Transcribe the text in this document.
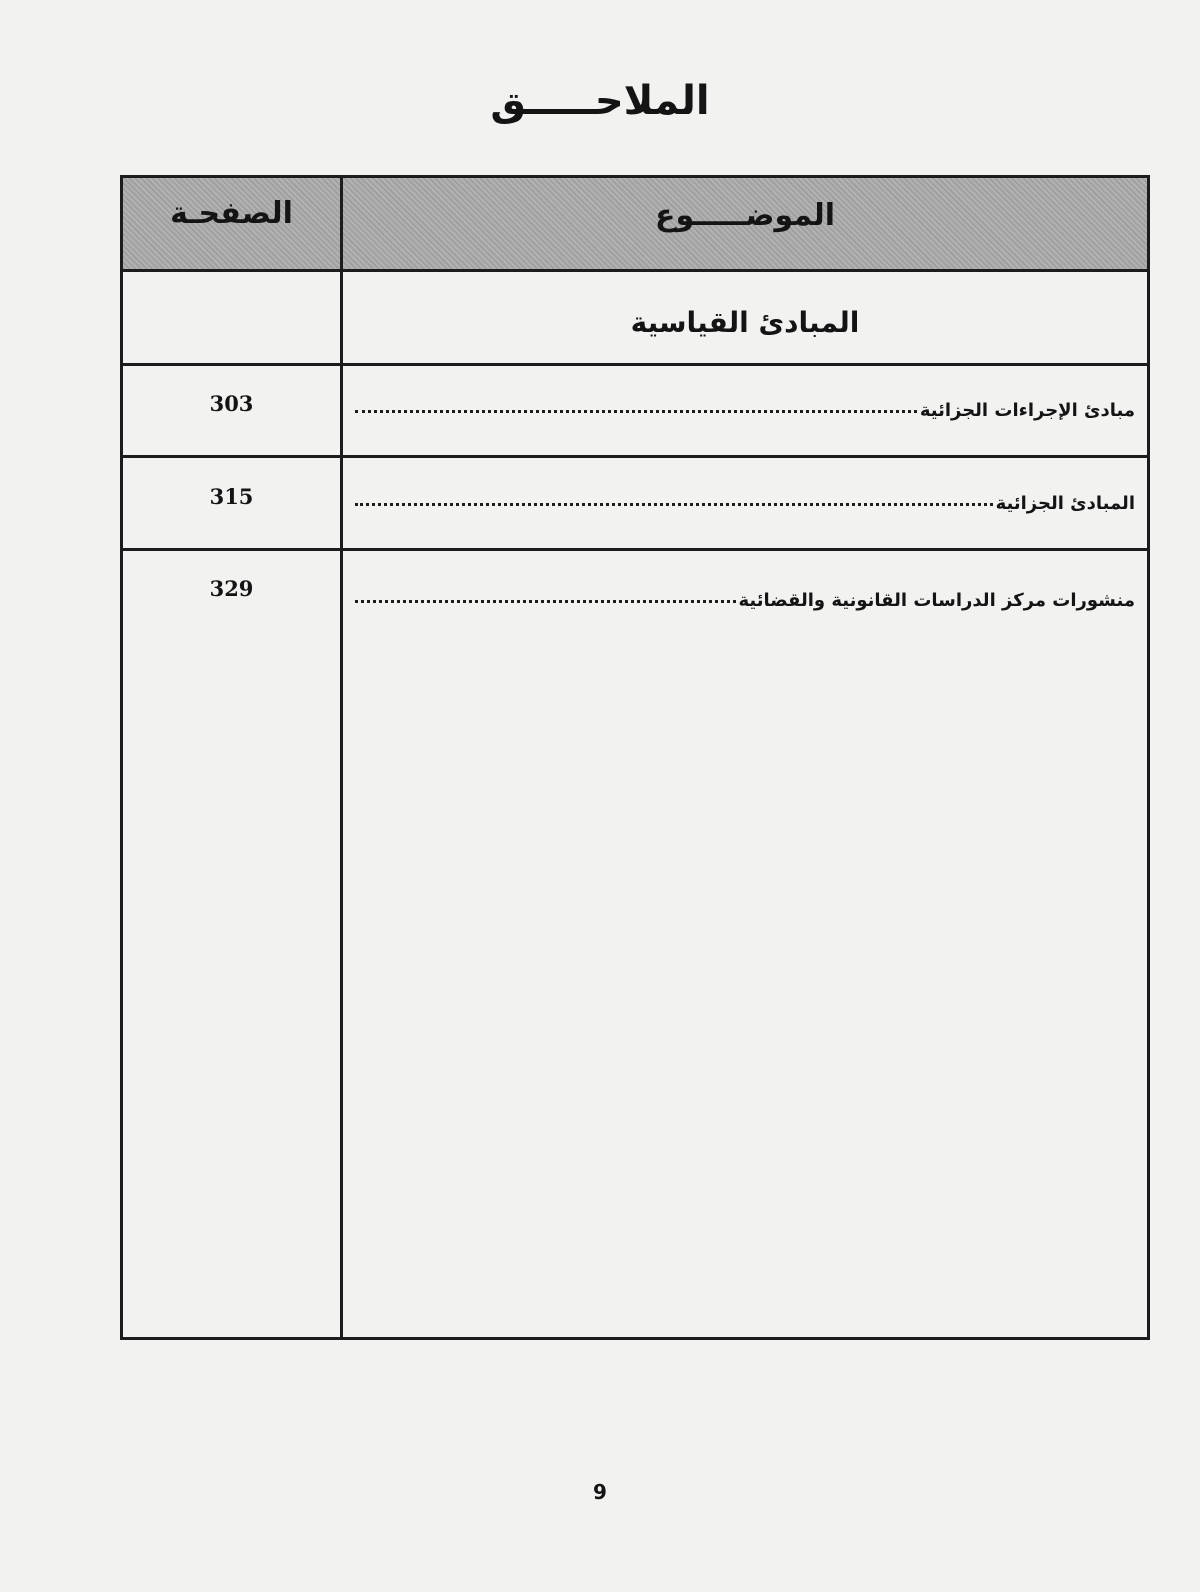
الملاحـــــق
الموضـــــوع
الصفحـة
المبادئ القياسية
مبادئ الإجراءات الجزائية
303
المبادئ الجزائية
315
منشورات مركز الدراسات القانونية والقضائية
329
9
